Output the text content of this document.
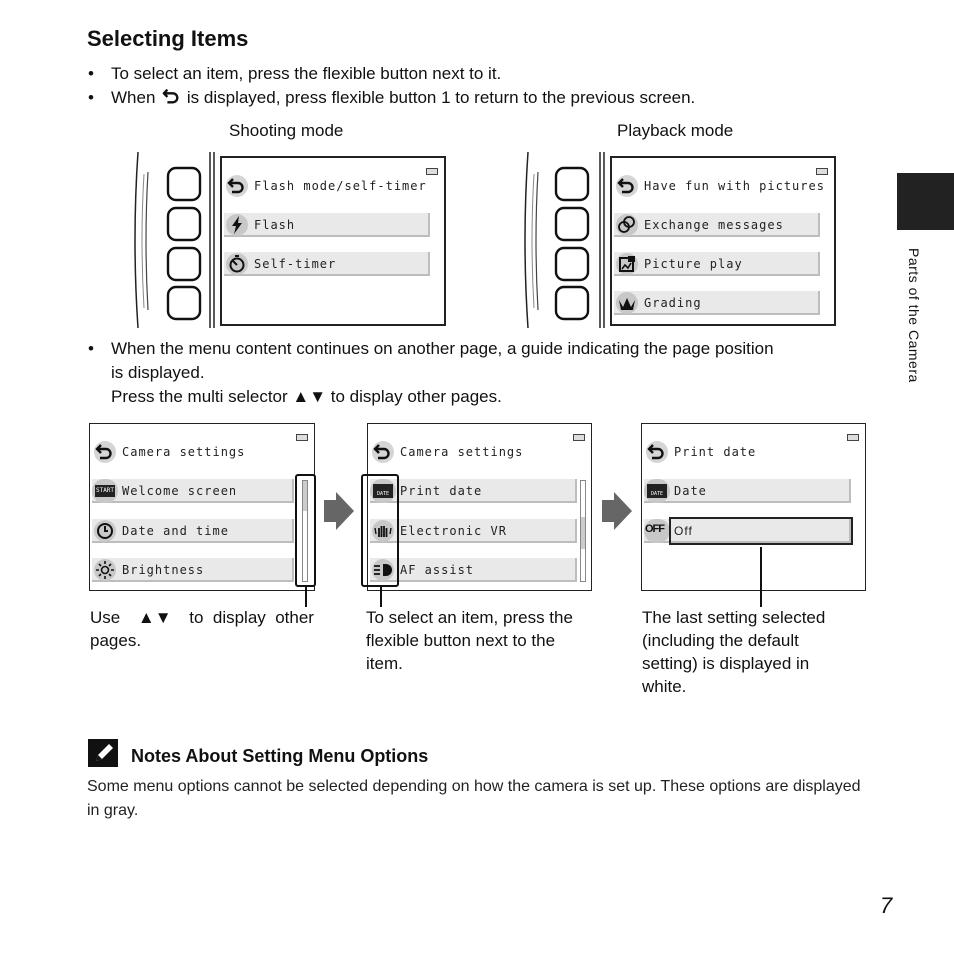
Selecting Items
• To select an item, press the flexible button next to it.
• When is displayed, press flexible button 1 to return to the previous screen.
Shooting mode	Playback mode
Flash mode/self-timer
Flash
Self-timer
Have fun with pictures
Exchange messages
Picture play
Grading
• When the menu content continues on another page, a guide indicating the page position
is displayed.
Press the multi selector ▲▼ to display other pages.
Camera settings
START Welcome screen
Date and time
Brightness
Camera settings
DATE Print date
Electronic VR
AF assist
Print date
DATE Date
OFF Off
Use ▲▼ to  display  other
pages.
To select an item, press the
flexible button next to the
item.
The last setting selected
(including the default
setting) is displayed in
white.
Notes About Setting Menu Options
Some menu options cannot be selected depending on how the camera is set up. These options are displayed in gray.
Parts of the Camera
7
